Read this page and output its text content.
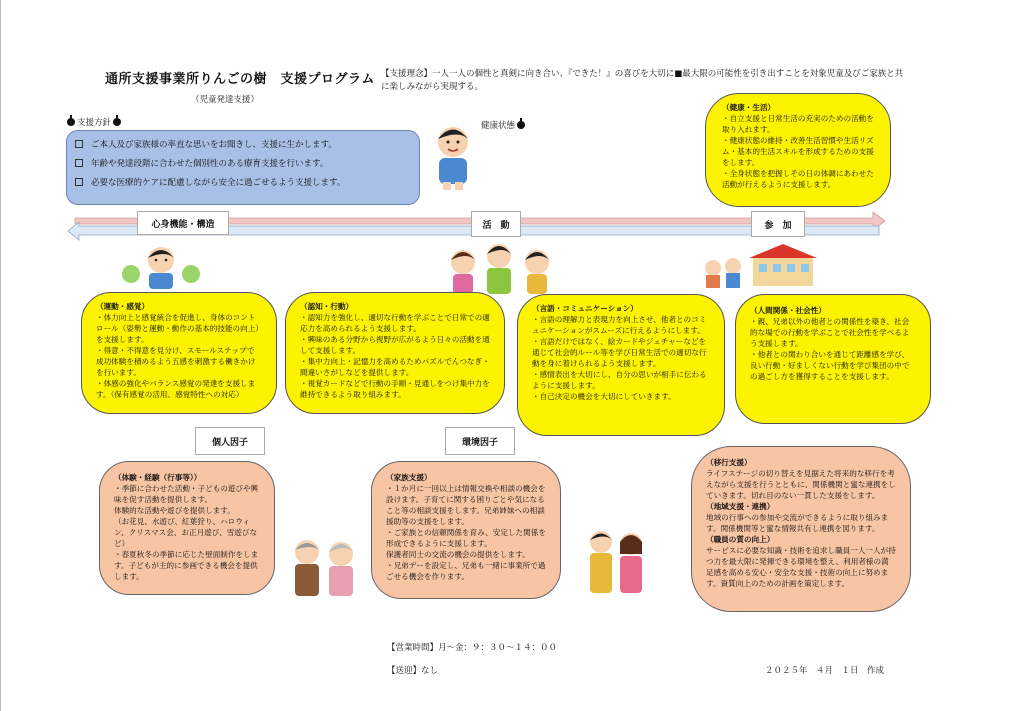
通所支援事業所りんごの樹　支援プログラム
（児童発達支援）
【支援理念】一人一人の個性と真剣に向き合い、『できた！』の喜びを大切に■最大限の可能性を引き出すことを対象児童及びご家族と共に楽しみながら実現する。
支援方針
ご本人及び家族様の率直な思いをお聞きし、支援に生かします。
年齢や発達段階に合わせた個別性のある療育支援を行います。
必要な医療的ケアに配慮しながら安全に過ごせるよう支援します。
健康状態
（健康・生活）
・自立支援と日常生活の充実のための活動を取り入れます。
・健康状態の維持・改善生活習慣や生活リズム・基本的生活スキルを形成するための支援をします。
・全身状態を把握しその日の体調にあわせた活動が行えるように支援します。
心身機能・構造	活　動	参　加
（運動・感覚）
・体力向上と感覚統合を促進し、身体のコントロール（姿勢と運動・動作の基本的技能の向上）を支援します。
・得意・不得意を見分け、スモールステップで成功体験を積めるよう五感を刺激する働きかけを行います。
・体感の強化やバランス感覚の発達を支援します。（保有感覚の活用、感覚特性への対応）
（認知・行動）
・認知力を強化し、適切な行動を学ぶことで日常での適応力を高められるよう支援します。
・興味のある分野から視野が広がるよう日々の活動を通して支援します。
・集中力向上・記憶力を高めるためパズルでんつなぎ・間違いさがしなどを提供します。
・視覚カードなどで行動の手順・見通しをつけ集中力を維持できるよう取り組みます。
（言語・コミュニケーション）
・言語の理解力と表現力を向上させ、他者とのコミュニケーションがスムーズに行えるようにします。
・言語だけではなく、絵カードやジェチャーなどを通じて社会的ルール等を学び日常生活での適切な行動を身に着けられるよう支援します。
・感情表出を大切にし、自分の思いが相手に伝わるように支援します。
・自己決定の機会を大切にしていきます。
（人間関係・社会性）
・親、兄弟以外の他者との関係性を築き、社会的な場での行動を学ぶことで社会性を学べるよう支援します。
・他者との関わり合いを通じて距離感を学び、良い行動・好ましくない行動を学び集団の中での過ごし方を獲得することを支援します。
個人因子	環境因子
（体験・経験（行事等））
・季節に合わせた活動・子どもの遊びや興味を促す活動を提供します。
体験的な活動や遊びを提供します。
（お花見、水遊び、紅葉狩り、ハロウィン、クリスマス会、お正月遊び、雪遊びなど）
・春夏秋冬の季節に応じた壁面制作をします。子どもが主的に参画できる機会を提供します。
（家族支援）
・１か月に一回以上は情報交換や相談の機会を設けます。子育てに関する困りごとや気になること等の相談支援をします。兄弟姉妹への相談援助等の支援をします。
・ご家族との信頼関係を育み、安定した関係を形成できるように支援します。
保護者同士の交流の機会の提供をします。
・兄弟デーを設定し、兄弟も一緒に事業所で過ごせる機会を作ります。
（移行支援）
ライフステージの切り替えを見据えた将来的な移行を考えながら支援を行うとともに、関係機関と蜜な連携をしていきます。切れ目のない一貫した支援をします。
（地域支援・連携）
地域の行事への参加や交流ができるように取り組みます。関係機関等と蜜な情報共有し連携を図ります。
（職員の質の向上）
サービスに必要な知識・技術を追求し職員一人一人が持つ力を最大限に発揮できる環境を整え、利用者様の満足感を高める安心・安全な支援・技術の向上に努めます。資質向上のための計画を策定します。
【営業時間】月～金：９：３０～１４：００
【送迎】なし	２０２５年　４月　１日　作成
